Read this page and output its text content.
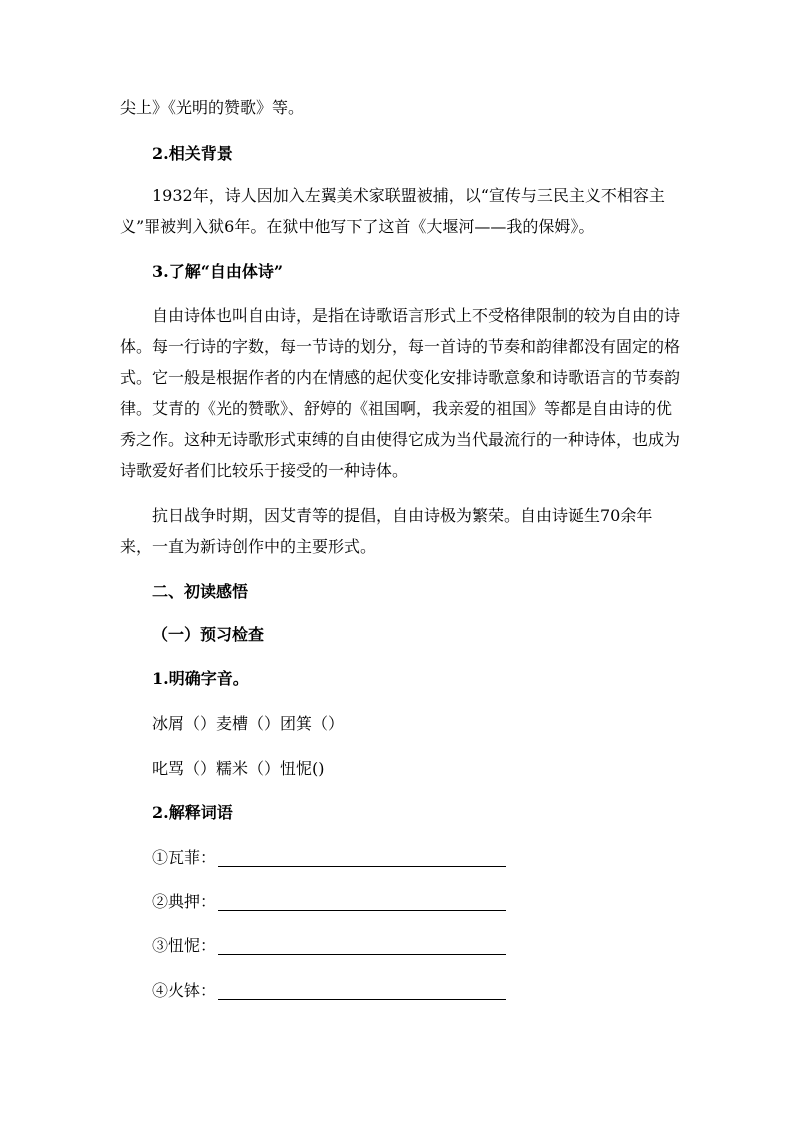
尖上》《光明的赞歌》等。

2.相关背景

1932年，诗人因加入左翼美术家联盟被捕，以“宣传与三民主义不相容主义”罪被判入狱6年。在狱中他写下了这首《大堰河——我的保姆》。

3.了解“自由体诗”

自由诗体也叫自由诗，是指在诗歌语言形式上不受格律限制的较为自由的诗体。每一行诗的字数，每一节诗的划分，每一首诗的节奏和韵律都没有固定的格式。它一般是根据作者的内在情感的起伏变化安排诗歌意象和诗歌语言的节奏韵律。艾青的《光的赞歌》、舒婷的《祖国啊，我亲爱的祖国》等都是自由诗的优秀之作。这种无诗歌形式束缚的自由使得它成为当代最流行的一种诗体，也成为诗歌爱好者们比较乐于接受的一种诗体。

抗日战争时期，因艾青等的提倡，自由诗极为繁荣。自由诗诞生70余年来，一直为新诗创作中的主要形式。

二、初读感悟

（一）预习检查

1.明确字音。

冰屑（）麦槽（）团箕（）
叱骂（）糯米（）忸怩()

2.解释词语

①瓦菲：
②典押：
③忸怩：
④火钵：
